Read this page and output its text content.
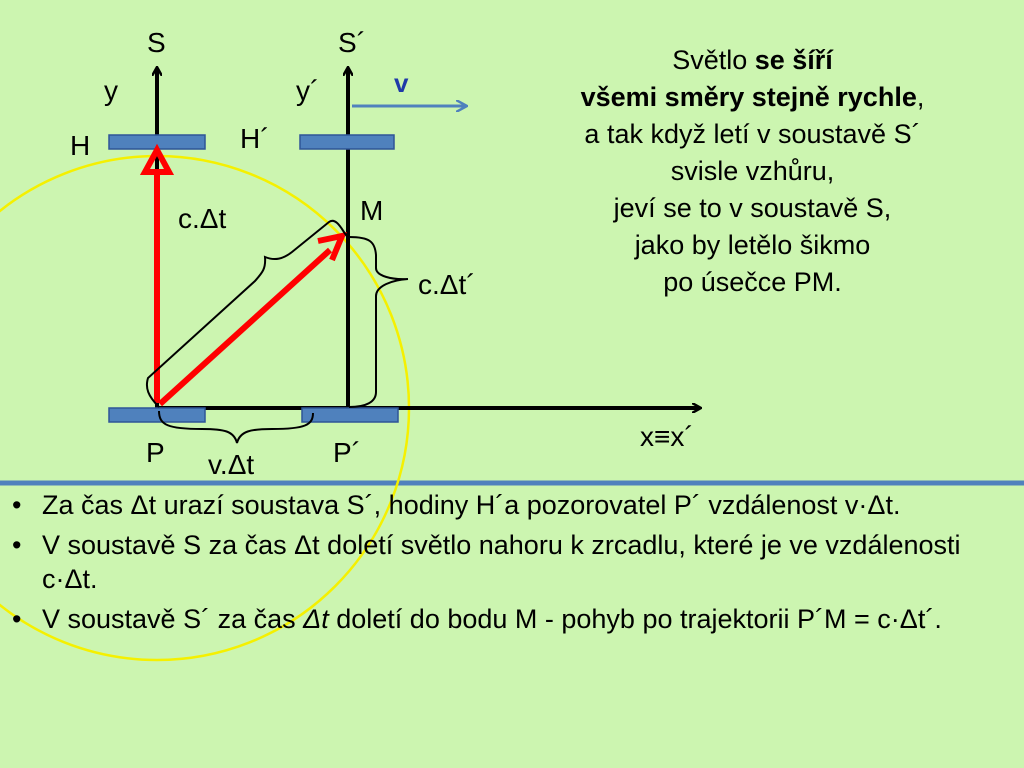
S	S´
y	y´
H	H´
M
c.Δt
c.Δt´
P	P´
v.Δt
x≡x´
v
Světlo se šíří
všemi směry stejně rychle,
a tak když letí v soustavě S´
svisle vzhůru,
jeví se to v soustavě S,
jako by letělo šikmo
po úsečce PM.
• Za čas Δt urazí soustava S´, hodiny H´a pozorovatel P´ vzdálenost v·Δt.
• V soustavě S za čas Δt doletí světlo nahoru k zrcadlu, které je ve vzdálenosti c·Δt.
• V soustavě S´ za čas Δt doletí do bodu M - pohyb po trajektorii P´M = c·Δt´.
